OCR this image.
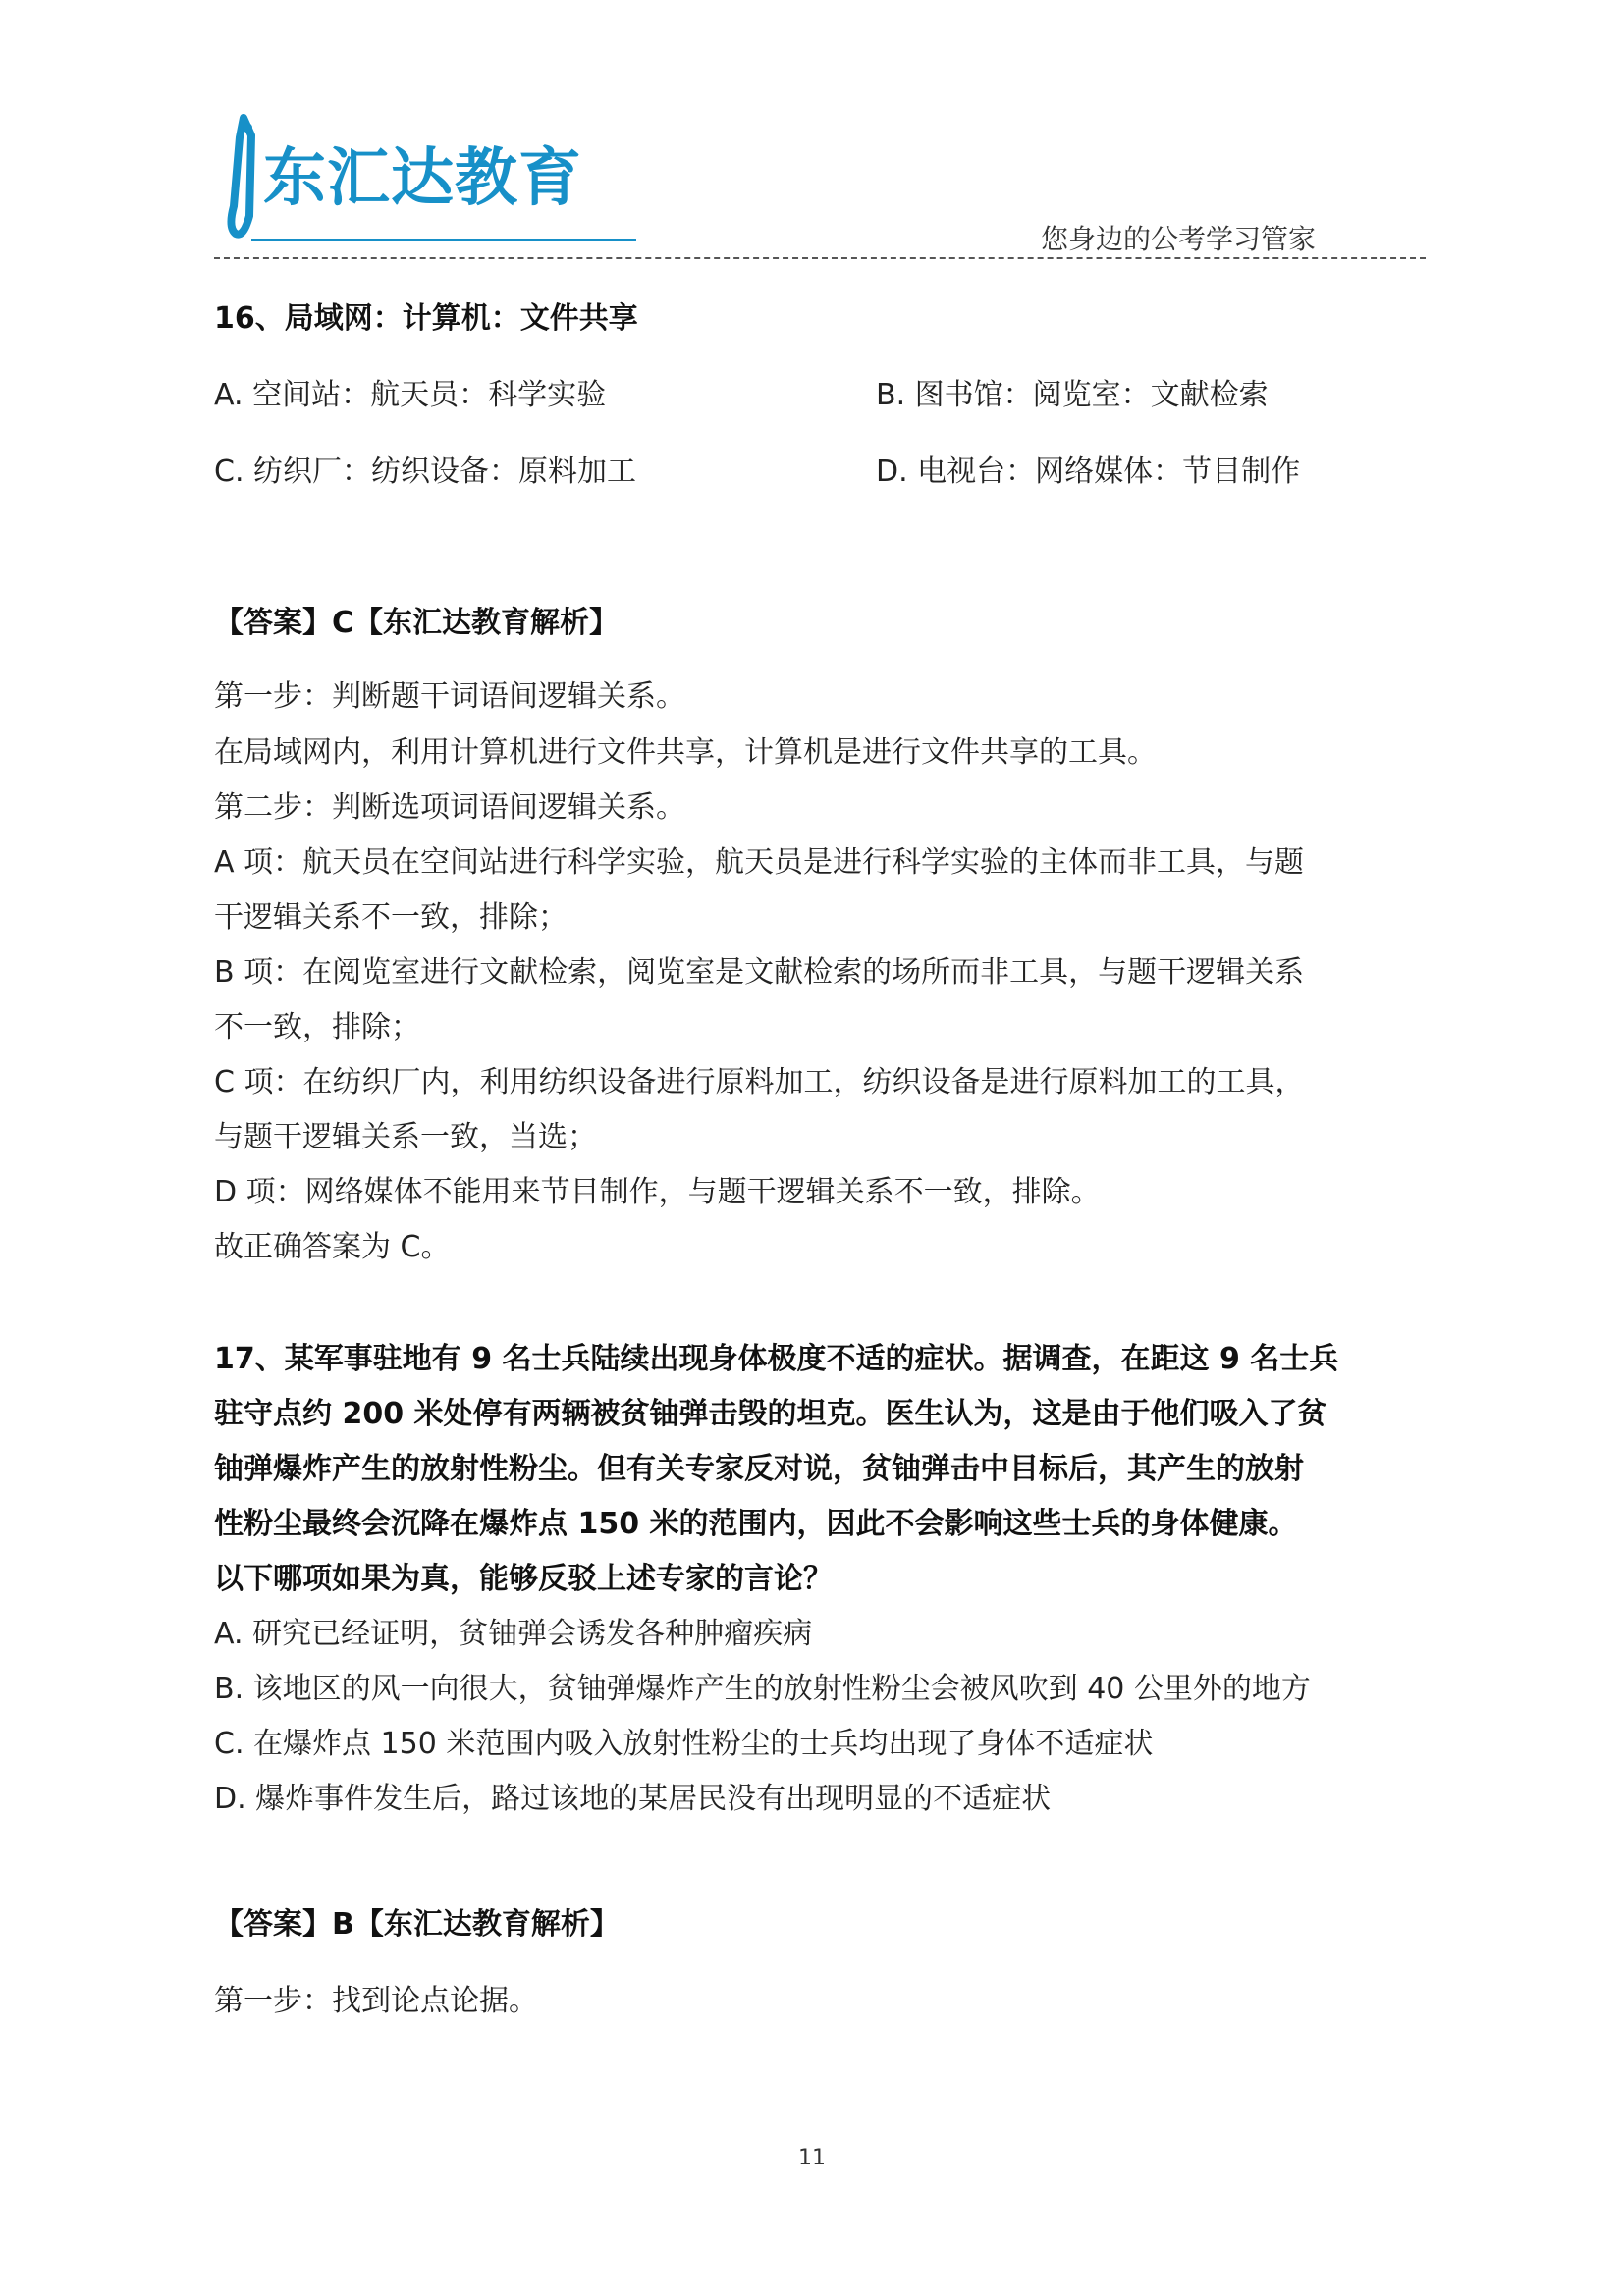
东汇达教育
您身边的公考学习管家
16、局域网：计算机：文件共享
A. 空间站：航天员：科学实验	B. 图书馆：阅览室：文献检索
C. 纺织厂：纺织设备：原料加工	D. 电视台：网络媒体：节目制作
【答案】C【东汇达教育解析】
第一步：判断题干词语间逻辑关系。
在局域网内，利用计算机进行文件共享，计算机是进行文件共享的工具。
第二步：判断选项词语间逻辑关系。
A 项：航天员在空间站进行科学实验，航天员是进行科学实验的主体而非工具，与题
干逻辑关系不一致，排除；
B 项：在阅览室进行文献检索，阅览室是文献检索的场所而非工具，与题干逻辑关系
不一致，排除；
C 项：在纺织厂内，利用纺织设备进行原料加工，纺织设备是进行原料加工的工具，
与题干逻辑关系一致，当选；
D 项：网络媒体不能用来节目制作，与题干逻辑关系不一致，排除。
故正确答案为 C。
17、某军事驻地有 9 名士兵陆续出现身体极度不适的症状。据调查，在距这 9 名士兵
驻守点约 200 米处停有两辆被贫铀弹击毁的坦克。医生认为，这是由于他们吸入了贫
铀弹爆炸产生的放射性粉尘。但有关专家反对说，贫铀弹击中目标后，其产生的放射
性粉尘最终会沉降在爆炸点 150 米的范围内，因此不会影响这些士兵的身体健康。
以下哪项如果为真，能够反驳上述专家的言论？
A. 研究已经证明，贫铀弹会诱发各种肿瘤疾病
B. 该地区的风一向很大，贫铀弹爆炸产生的放射性粉尘会被风吹到 40 公里外的地方
C. 在爆炸点 150 米范围内吸入放射性粉尘的士兵均出现了身体不适症状
D. 爆炸事件发生后，路过该地的某居民没有出现明显的不适症状
【答案】B【东汇达教育解析】
第一步：找到论点论据。
11
